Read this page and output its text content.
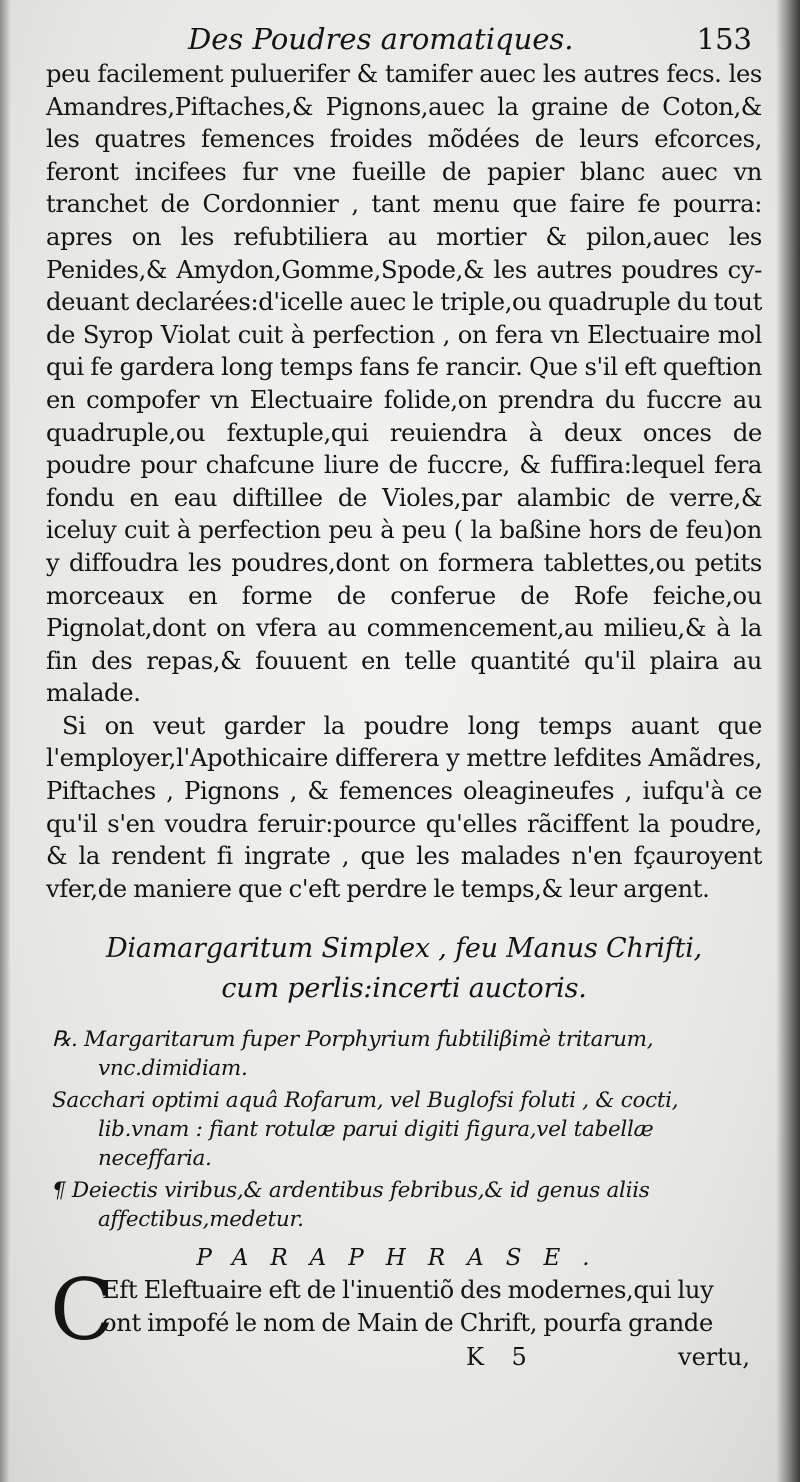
Des Poudres aromatiques.	153

peu facilement puluerifer & tamifer auec les autres fecs. les Amandres,Piftaches,& Pignons,auec la graine de Coton,& les quatres femences froides mõdées de leurs efcorces, feront incifees fur vne fueille de papier blanc auec vn tranchet de Cordonnier , tant menu que faire fe pourra: apres on les refubtiliera au mortier & pilon,auec les Penides,& Amydon,Gomme,Spode,& les autres poudres cy-deuant declarées:d'icelle auec le triple,ou quadruple du tout de Syrop Violat cuit à perfection , on fera vn Electuaire mol qui fe gardera long temps fans fe rancir. Que s'il eft queftion en compofer vn Electuaire folide,on prendra du fuccre au quadruple,ou fextuple,qui reuiendra à deux onces de poudre pour chafcune liure de fuccre, & fuffira:lequel fera fondu en eau diftillee de Violes,par alambic de verre,& iceluy cuit à perfection peu à peu ( la baßine hors de feu)on y diffoudra les poudres,dont on formera tablettes,ou petits morceaux en forme de conferue de Rofe feiche,ou Pignolat,dont on vfera au commencement,au milieu,& à la fin des repas,& fouuent en telle quantité qu'il plaira au malade.

Si on veut garder la poudre long temps auant que l'employer,l'Apothicaire differera y mettre lefdites Amãdres, Piftaches , Pignons , & femences oleagineufes , iufqu'à ce qu'il s'en voudra feruir:pource qu'elles rãciffent la poudre, & la rendent fi ingrate , que les malades n'en fçauroyent vfer,de maniere que c'eft perdre le temps,& leur argent.

Diamargaritum Simplex , feu Manus Chrifti,
cum perlis:incerti auctoris.
℞. Margaritarum fuper Porphyrium fubtiliβimè tritarum, vnc.dimidiam.
Sacchari optimi aquâ Rofarum, vel Buglofsi foluti , & cocti, lib.vnam : fiant rotulæ parui digiti figura,vel tabellæ neceffaria.
¶ Deiectis viribus,& ardentibus febribus,& id genus aliis affectibus,medetur.
PARAPHRASE.
C
Eft Eleftuaire eft de l'inuentiõ des modernes,qui luy
ont impofé le nom de Main de Chrift, pourfa grande
K 5	vertu,
